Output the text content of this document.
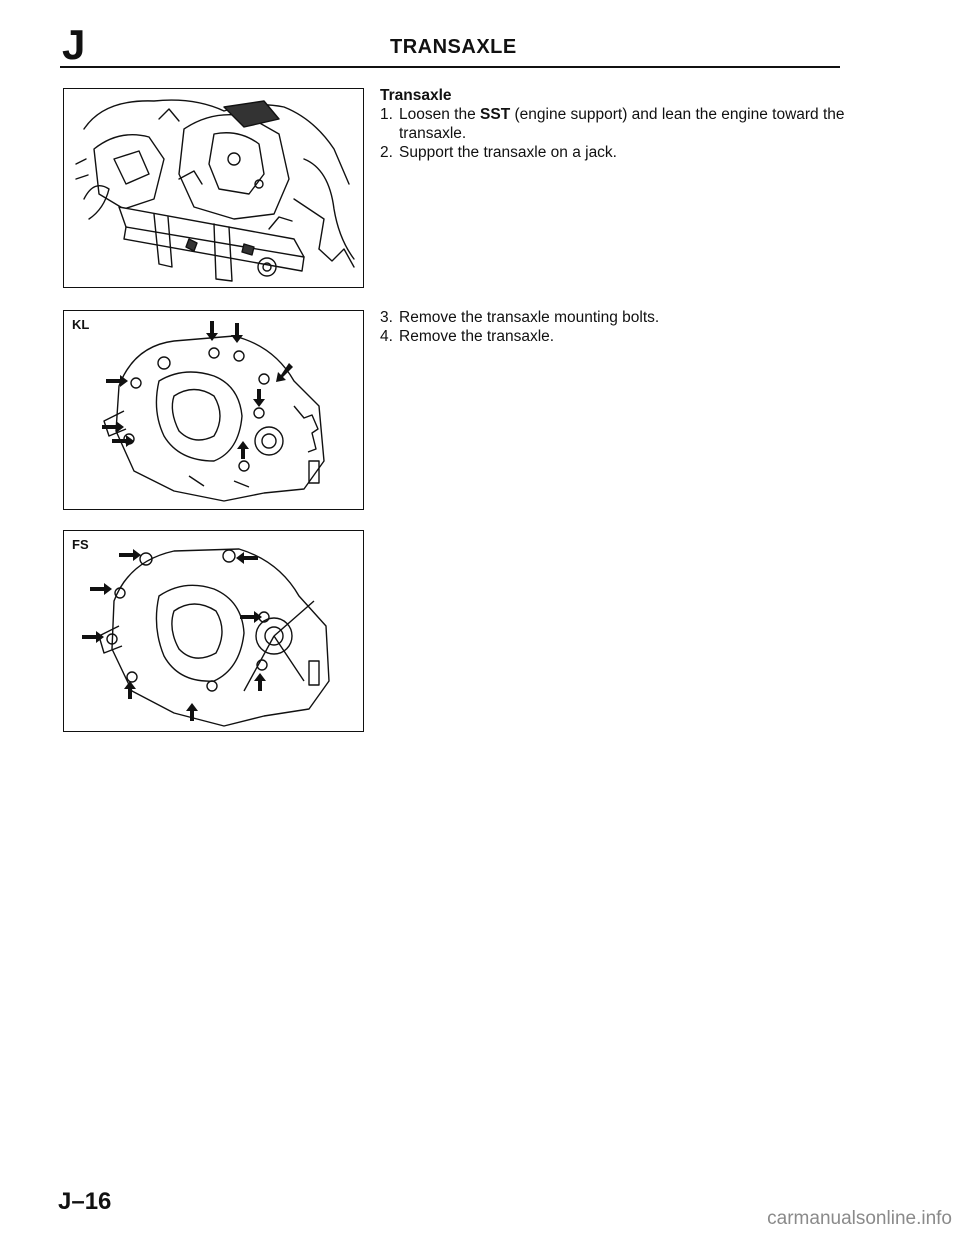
J	TRANSAXLE
KL
FS
Transaxle
1. Loosen the SST (engine support) and lean the engine toward the transaxle.
2. Support the transaxle on a jack.
3. Remove the transaxle mounting bolts.
4. Remove the transaxle.
J–16
carmanualsonline.info
